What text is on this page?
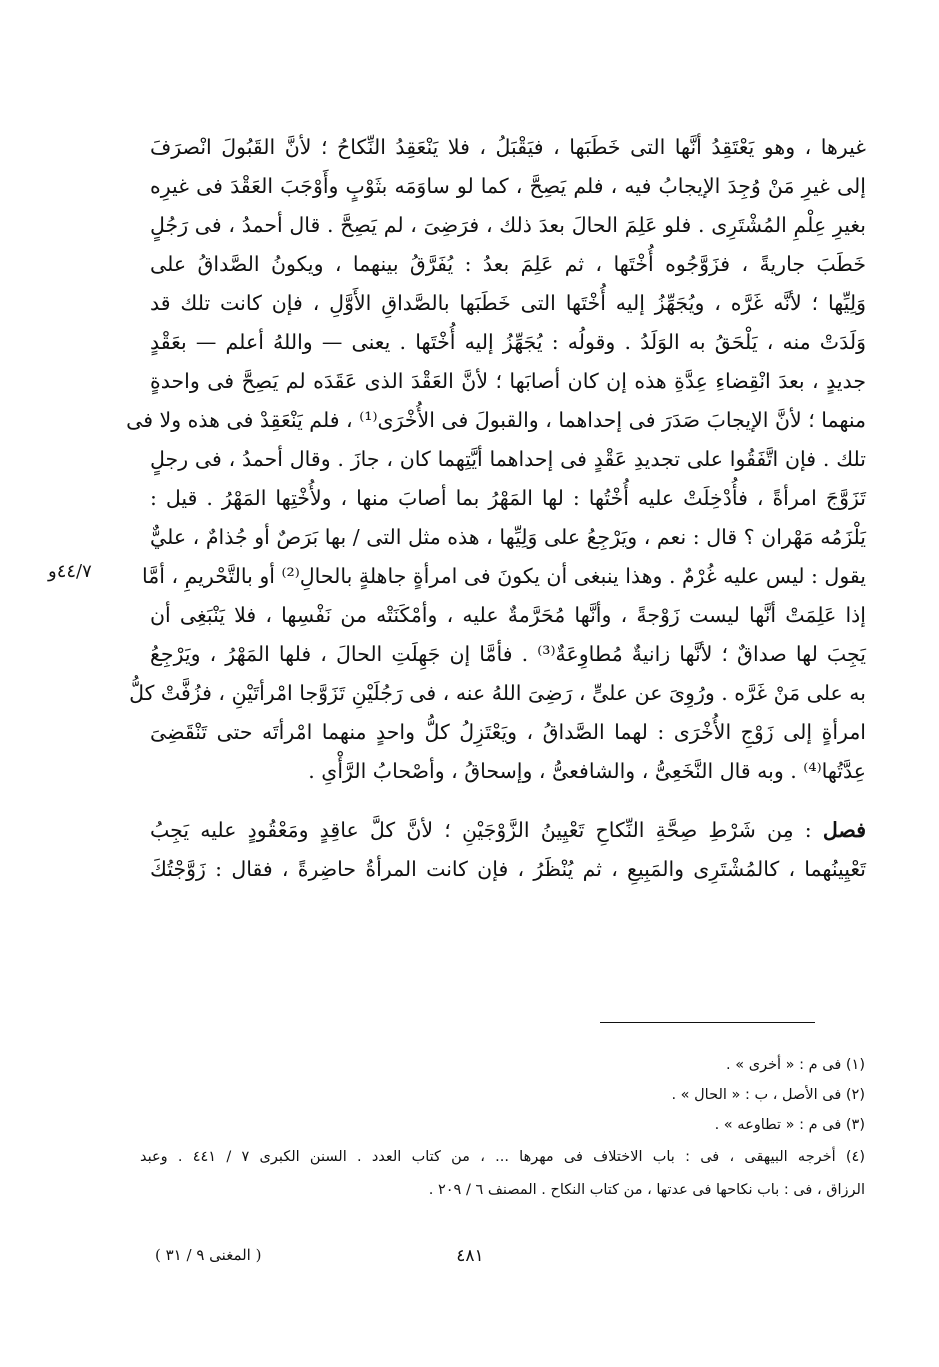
غيرها ، وهو يَعْتَقِدُ أنَّها التى خَطَبَها ، فيَقْبَلُ ، فلا يَنْعَقِدُ النِّكاحُ ؛ لأنَّ القَبُولَ انْصرَفَ
إلى غيرِ مَنْ وُجِدَ الإيجابُ فيه ، فلم يَصِحَّ ، كما لو ساوَمَه بثَوْبٍ وأَوْجَبَ العَقْدَ فى غيرِه
بغيرِ عِلْمِ المُشْتَرِى . فلو عَلِمَ الحالَ بعدَ ذلك ، فرَضِىَ ، لم يَصِحَّ . قال أحمدُ ، فى رَجُلٍ
خَطَبَ جاريةً ، فزَوَّجُوه أُخْتَها ، ثم عَلِمَ بعدُ : يُفَرَّقُ بينهما ، ويكونُ الصَّداقُ على
وَلِيِّها ؛ لأنَّه غَرَّه ، ويُجَهِّزُ إليه أُخْتَها التى خَطَبَها بالصَّداقِ الأَوَّلِ ، فإن كانت تلك قد
وَلَدَتْ منه ، يَلْحَقُ به الوَلَدُ . وقولُه : يُجَهِّزُ إليه أُخْتَها . يعنى — واللهُ أعلم — بعَقْدٍ
جديدٍ ، بعدَ انْقِضاءِ عِدَّةِ هذه إن كان أصابَها ؛ لأنَّ العَقْدَ الذى عَقَدَه لم يَصِحَّ فى واحدةٍ
منهما ؛ لأنَّ الإيجابَ صَدَرَ فى إحداهما ، والقبولَ فى الأُخْرَى⁽¹⁾ ، فلم يَنْعَقِدْ فى هذه ولا فى
تلك . فإن اتَّفَقُوا على تجديدِ عَقْدٍ فى إحداهما أيَّتِهما كان ، جازَ . وقال أحمدُ ، فى رجلٍ
تَزَوَّجَ امرأةً ، فأُدْخِلَتْ عليه أُخْتُها : لها المَهْرُ بما أصابَ منها ، ولأُخْتِها المَهْرُ . قيل :
يَلْزَمُه مَهْران ؟ قال : نعم ، ويَرْجِعُ على وَلِيِّها ، هذه مثل التى / بها بَرَصٌ أو جُذامٌ ، عليٌّ
يقول : ليس عليه غُرْمٌ . وهذا ينبغى أن يكونَ فى امرأةٍ جاهلةٍ بالحالِ⁽²⁾ أو بالتَّحْريمِ ، أمَّا
إذا عَلِمَتْ أنَّها ليست زَوْجةً ، وأنَّها مُحَرَّمةٌ عليه ، وأمْكَنَتْه من نَفْسِها ، فلا يَنْبَغِى أن
يَجِبَ لها صداقٌ ؛ لأنَّها زانيةٌ مُطاوِعَةٌ⁽³⁾ . فأمَّا إن جَهِلَتِ الحالَ ، فلها المَهْرُ ، ويَرْجِعُ
به على مَنْ غَرَّه . ورُوِىَ عن علىٍّ ، رَضِىَ اللهُ عنه ، فى رَجُلَيْنِ تَزَوَّجا امْرأتَيْنِ ، فزُفَّتْ كلُّ
امرأةٍ إلى زَوْجِ الأُخْرَى : لهما الصَّداقُ ، ويَعْتَزِلُ كلُّ واحدٍ منهما امْرأتَه حتى تَنْقَضِىَ
عِدَّتُها⁽⁴⁾ . وبه قال النَّخَعِىُّ ، والشافعىُّ ، وإسحاقُ ، وأصْحابُ الرَّأْىِ .
فصل : مِن شَرْطِ صِحَّةِ النِّكاحِ تَعْيِينُ الزَّوْجَيْنِ ؛ لأنَّ كلَّ عاقِدٍ ومَعْقُودٍ عليه يَجِبُ
تَعْيِينُهما ، كالمُشْتَرِى والمَبِيعِ ، ثم يُنْظَرُ ، فإن كانت المرأةُ حاضِرةً ، فقال : زَوَّجْتُكَ
٤٤/٧و
(١) فى م : « أخرى » .
(٢) فى الأصل ، ب : « الحال » .
(٣) فى م : « تطاوعه » .
(٤) أخرجه البيهقى ، فى : باب الاختلاف فى مهرها ... ، من كتاب العدد . السنن الكبرى ٧ / ٤٤١ . وعبد
الرزاق ، فى : باب نكاحها فى عدتها ، من كتاب النكاح . المصنف ٦ / ٢٠٩ .
٤٨١
( المغنى ٩ / ٣١ )
